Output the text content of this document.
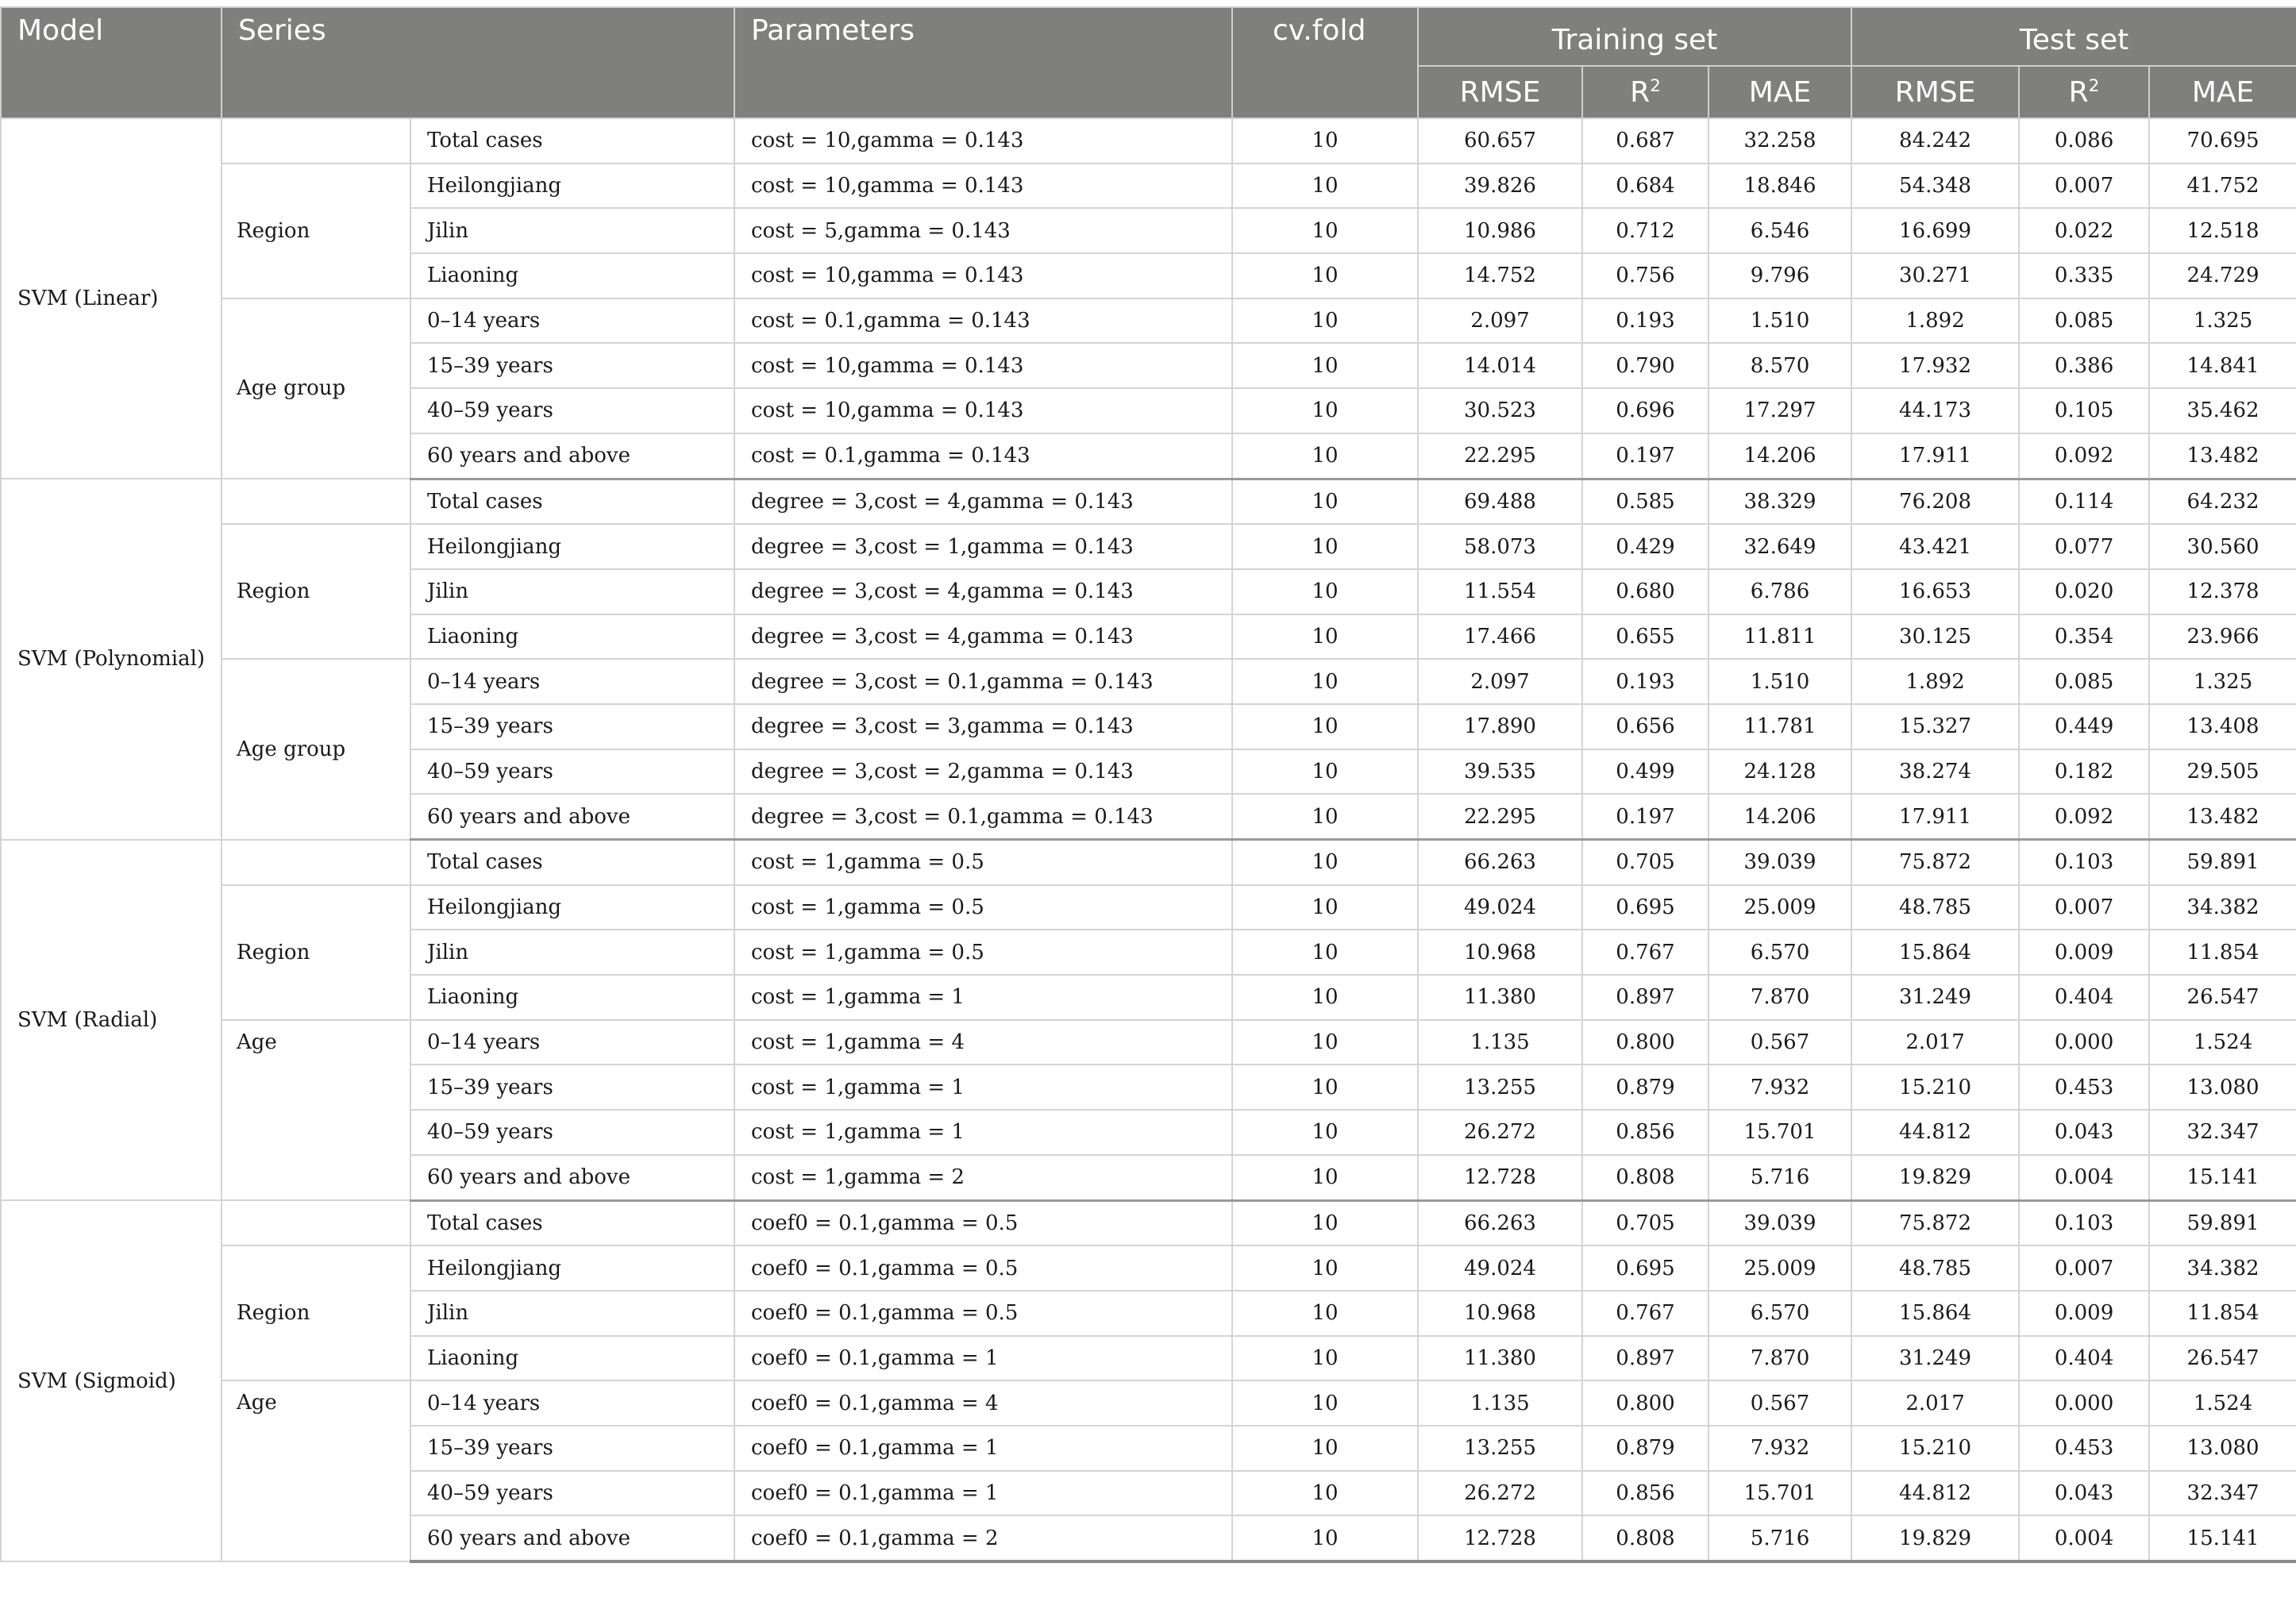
Model	Series		Parameters	cv.fold	Training set			Test set		
					RMSE	$R^2$	MAE	RMSE	$R^2$	MAE
SVM (Linear)		Total cases	cost = 10,gamma = 0.143	10	60.657	0.687	32.258	84.242	0.086	70.695
	Region	Heilongjiang	cost = 10,gamma = 0.143	10	39.826	0.684	18.846	54.348	0.007	41.752
		Jilin	cost = 5,gamma = 0.143	10	10.986	0.712	6.546	16.699	0.022	12.518
		Liaoning	cost = 10,gamma = 0.143	10	14.752	0.756	9.796	30.271	0.335	24.729
	Age group	0–14 years	cost = 0.1,gamma = 0.143	10	2.097	0.193	1.510	1.892	0.085	1.325
		15–39 years	cost = 10,gamma = 0.143	10	14.014	0.790	8.570	17.932	0.386	14.841
		40–59 years	cost = 10,gamma = 0.143	10	30.523	0.696	17.297	44.173	0.105	35.462
		60 years and above	cost = 0.1,gamma = 0.143	10	22.295	0.197	14.206	17.911	0.092	13.482
SVM (Polynomial)		Total cases	degree = 3,cost = 4,gamma = 0.143	10	69.488	0.585	38.329	76.208	0.114	64.232
	Region	Heilongjiang	degree = 3,cost = 1,gamma = 0.143	10	58.073	0.429	32.649	43.421	0.077	30.560
		Jilin	degree = 3,cost = 4,gamma = 0.143	10	11.554	0.680	6.786	16.653	0.020	12.378
		Liaoning	degree = 3,cost = 4,gamma = 0.143	10	17.466	0.655	11.811	30.125	0.354	23.966
	Age group	0–14 years	degree = 3,cost = 0.1,gamma = 0.143	10	2.097	0.193	1.510	1.892	0.085	1.325
		15–39 years	degree = 3,cost = 3,gamma = 0.143	10	17.890	0.656	11.781	15.327	0.449	13.408
		40–59 years	degree = 3,cost = 2,gamma = 0.143	10	39.535	0.499	24.128	38.274	0.182	29.505
		60 years and above	degree = 3,cost = 0.1,gamma = 0.143	10	22.295	0.197	14.206	17.911	0.092	13.482
SVM (Radial)		Total cases	cost = 1,gamma = 0.5	10	66.263	0.705	39.039	75.872	0.103	59.891
	Region	Heilongjiang	cost = 1,gamma = 0.5	10	49.024	0.695	25.009	48.785	0.007	34.382
		Jilin	cost = 1,gamma = 0.5	10	10.968	0.767	6.570	15.864	0.009	11.854
		Liaoning	cost = 1,gamma = 1	10	11.380	0.897	7.870	31.249	0.404	26.547
	Age	0–14 years	cost = 1,gamma = 4	10	1.135	0.800	0.567	2.017	0.000	1.524
		15–39 years	cost = 1,gamma = 1	10	13.255	0.879	7.932	15.210	0.453	13.080
		40–59 years	cost = 1,gamma = 1	10	26.272	0.856	15.701	44.812	0.043	32.347
		60 years and above	cost = 1,gamma = 2	10	12.728	0.808	5.716	19.829	0.004	15.141
SVM (Sigmoid)		Total cases	coef0 = 0.1,gamma = 0.5	10	66.263	0.705	39.039	75.872	0.103	59.891
	Region	Heilongjiang	coef0 = 0.1,gamma = 0.5	10	49.024	0.695	25.009	48.785	0.007	34.382
		Jilin	coef0 = 0.1,gamma = 0.5	10	10.968	0.767	6.570	15.864	0.009	11.854
		Liaoning	coef0 = 0.1,gamma = 1	10	11.380	0.897	7.870	31.249	0.404	26.547
	Age	0–14 years	coef0 = 0.1,gamma = 4	10	1.135	0.800	0.567	2.017	0.000	1.524
		15–39 years	coef0 = 0.1,gamma = 1	10	13.255	0.879	7.932	15.210	0.453	13.080
		40–59 years	coef0 = 0.1,gamma = 1	10	26.272	0.856	15.701	44.812	0.043	32.347
		60 years and above	coef0 = 0.1,gamma = 2	10	12.728	0.808	5.716	19.829	0.004	15.141
